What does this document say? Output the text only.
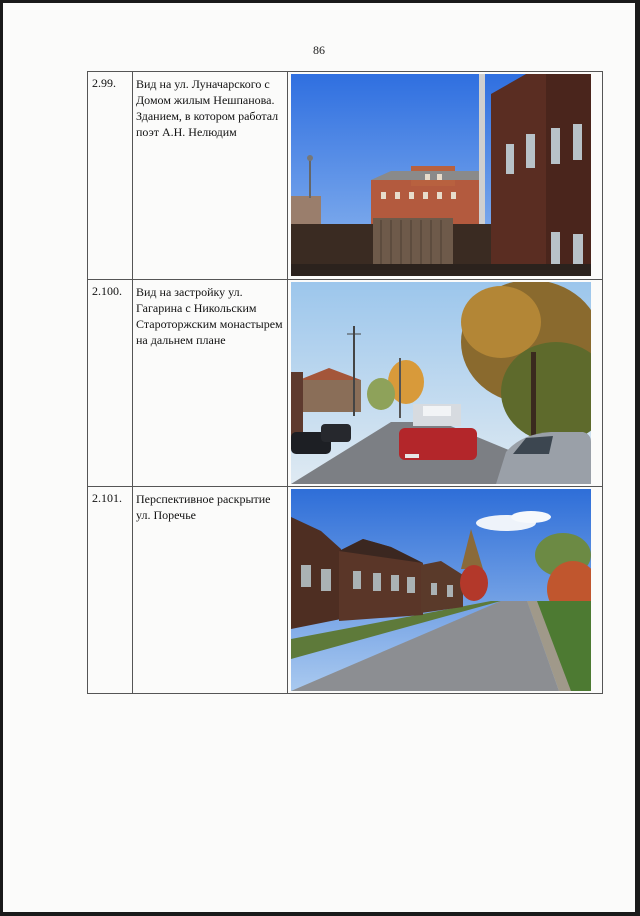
86
2.99.	Вид на ул. Луначарского с Домом жилым Нешпанова. Зданием, в котором работал поэт А.Н. Нелюдим	

2.100.	Вид на застройку ул. Гагарина с Никольским Староторжским монастырем на дальнем плане	

2.101.	Перспективное раскрытие ул. Поречье	
